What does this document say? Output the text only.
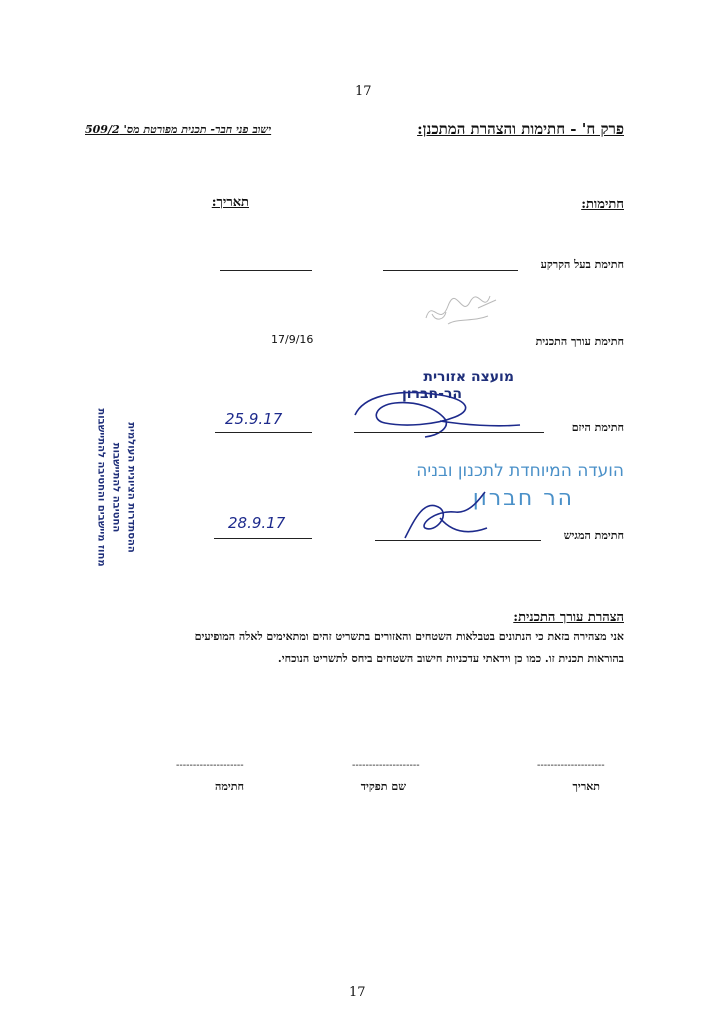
17
17
פרק ח' - חתימות והצהרת המתכנן:
ישוב פני חבר- תכנית מפורטת מס' 509/2
חתימות:
תאריך:
חתימת בעל הקרקע
חתימת עורך התכנית
17/9/16
מועצה אזורית
הר-חברון
חתימת היזם
25.9.17
ההסתדרות הציונית העולמית
החטיבה להתיישבות
מחוז מיישבים והחטיבה להתיישבות	הועדה המיוחדת לתכנון ובניה
הר חברון
חתימת המגיש
28.9.17
הצהרת עורך התכנית:
אני מצהירה בזאת כי הנתונים בטבלאות השטחים והאזורים בתשריט זהים ומתאימים לאלה המופיעים
בהוראות תכנית זו. כמו כן וידאתי עדכניות חישוב השטחים ביחס לתשריט הנוכחי.
--------------------
--------------------
--------------------
תאריך
שם תפקיד
חתימה
